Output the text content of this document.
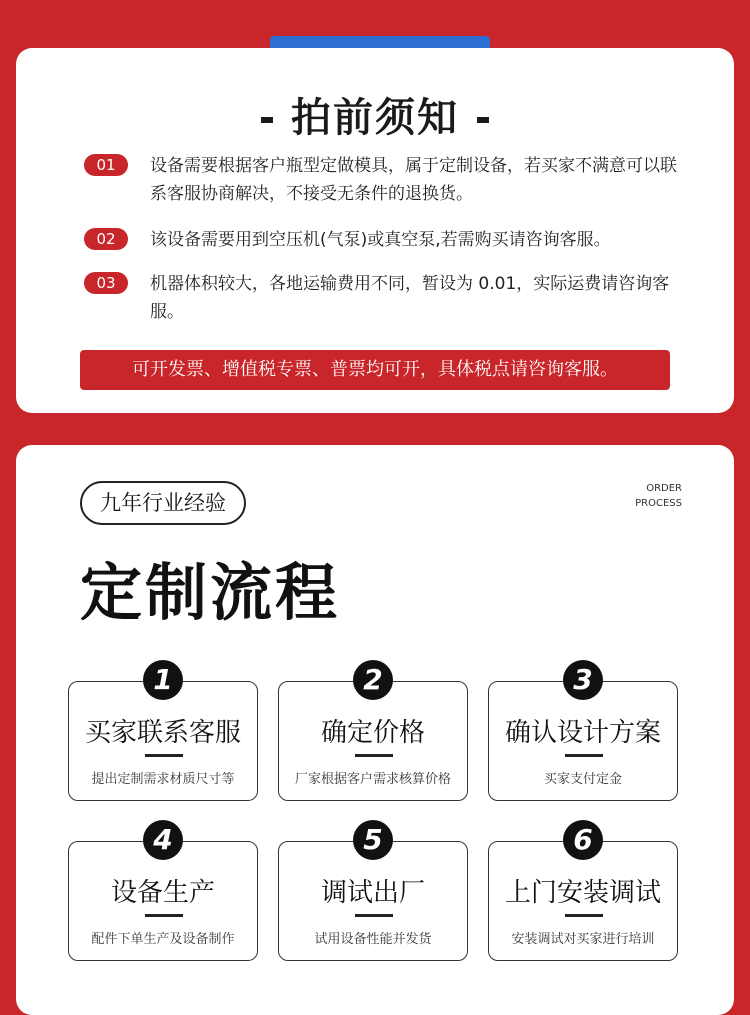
拍前须知
01	设备需要根据客户瓶型定做模具，属于定制设备，若买家不满意可以联系客服协商解决，不接受无条件的退换货。
02	该设备需要用到空压机(气泵)或真空泵,若需购买请咨询客服。
03	机器体积较大，各地运输费用不同，暂设为 0.01，实际运费请咨询客服。
可开发票、增值税专票、普票均可开，具体税点请咨询客服。
九年行业经验
ORDER
PROCESS
定制流程
1
买家联系客服
提出定制需求材质尺寸等
2
确定价格
厂家根据客户需求核算价格
3
确认设计方案
买家支付定金
4
设备生产
配件下单生产及设备制作
5
调试出厂
试用设备性能并发货
6
上门安装调试
安装调试对买家进行培训
